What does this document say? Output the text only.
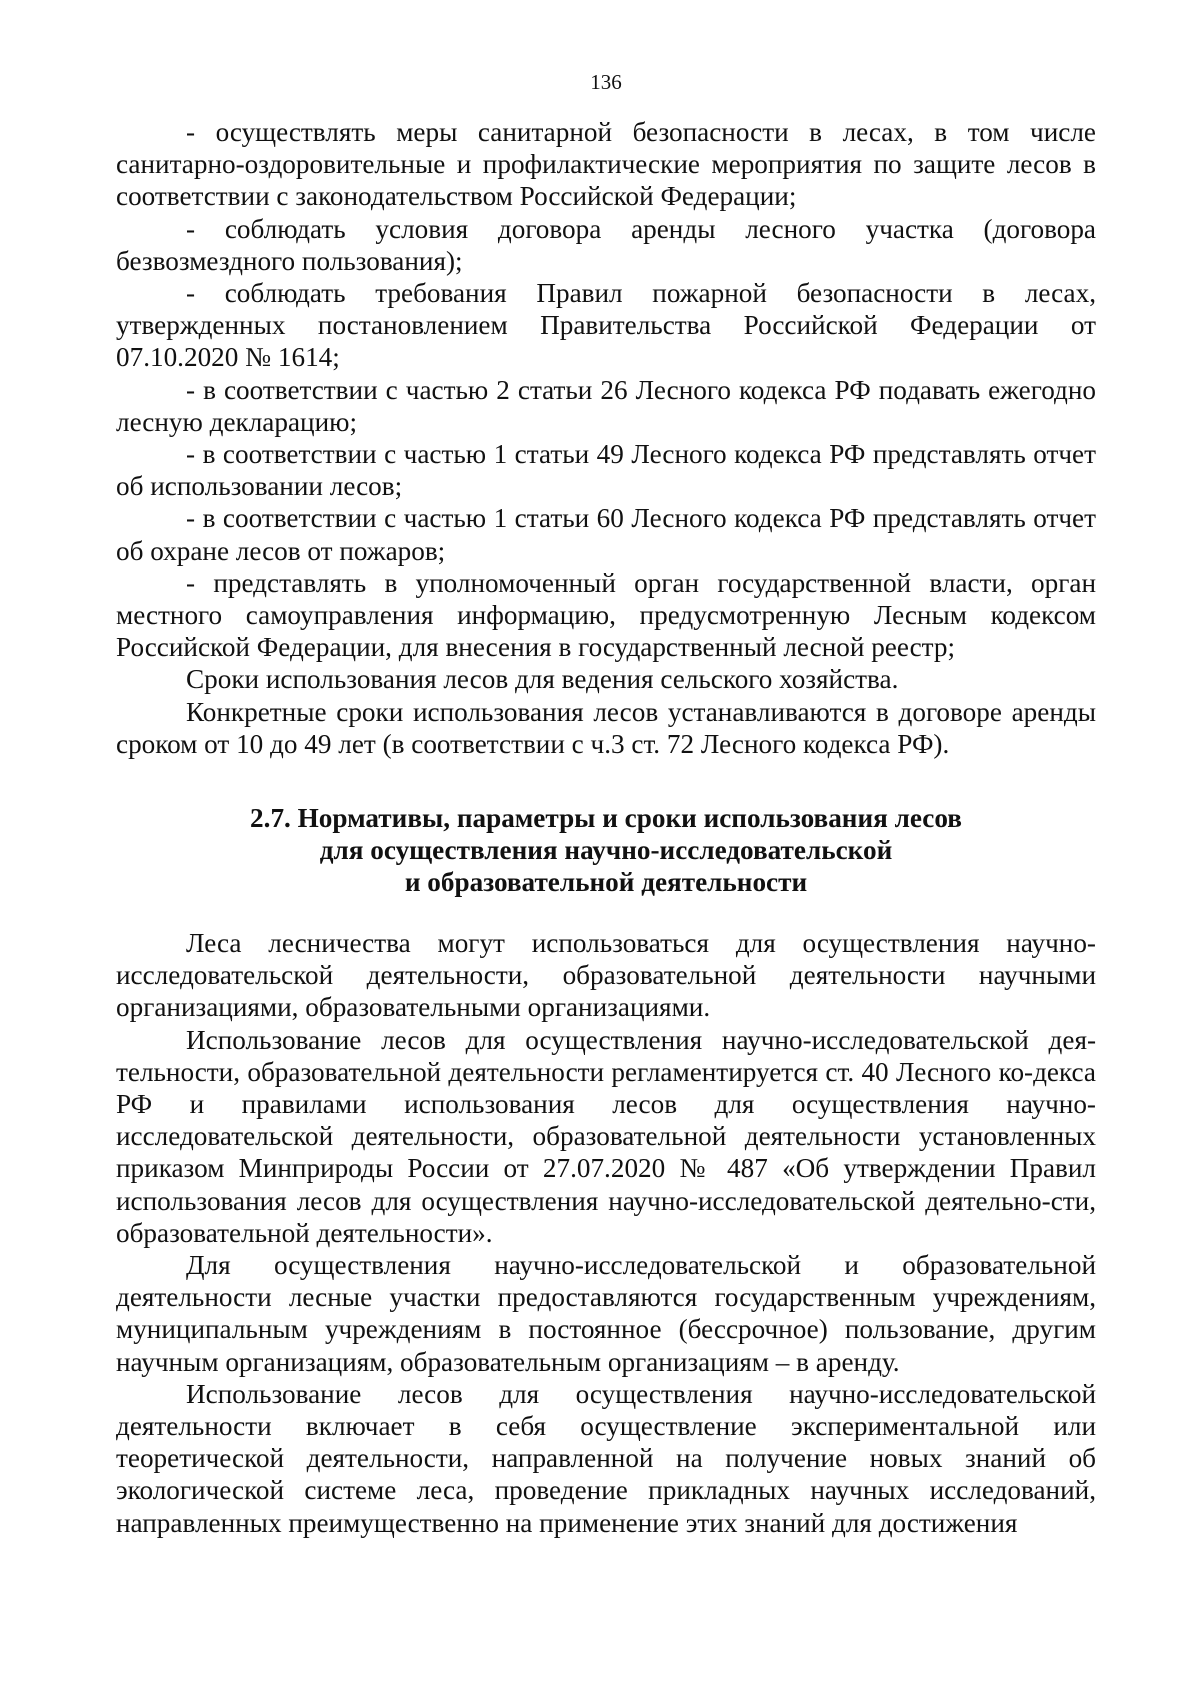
136

- осуществлять меры санитарной безопасности в лесах, в том числе санитарно-оздоровительные и профилактические мероприятия по защите лесов в соответствии с законодательством Российской Федерации;

- соблюдать условия договора аренды лесного участка (договора безвозмездного пользования);

- соблюдать требования Правил пожарной безопасности в лесах, утвержденных постановлением Правительства Российской Федерации от 07.10.2020 № 1614;

- в соответствии с частью 2 статьи 26 Лесного кодекса РФ подавать ежегодно лесную декларацию;

- в соответствии с частью 1 статьи 49 Лесного кодекса РФ представлять отчет об использовании лесов;

- в соответствии с частью 1 статьи 60 Лесного кодекса РФ представлять отчет об охране лесов от пожаров;

- представлять в уполномоченный орган государственной власти, орган местного самоуправления информацию, предусмотренную Лесным кодексом Российской Федерации, для внесения в государственный лесной реестр;

Сроки использования лесов для ведения сельского хозяйства.

Конкретные сроки использования лесов устанавливаются в договоре аренды сроком от 10 до 49 лет (в соответствии с ч.3 ст. 72 Лесного кодекса РФ).

2.7. Нормативы, параметры и сроки использования лесов
для осуществления научно-исследовательской
и образовательной деятельности

Леса лесничества могут использоваться для осуществления научно-исследовательской деятельности, образовательной деятельности научными организациями, образовательными организациями.

Использование лесов для осуществления научно-исследовательской дея-тельности, образовательной деятельности регламентируется ст. 40 Лесного ко-декса РФ и правилами использования лесов для осуществления научно-исследовательской деятельности, образовательной деятельности установленных приказом Минприроды России от 27.07.2020 № 487 «Об утверждении Правил использования лесов для осуществления научно-исследовательской деятельно-сти, образовательной деятельности».

Для осуществления научно-исследовательской и образовательной деятельности лесные участки предоставляются государственным учреждениям, муниципальным учреждениям в постоянное (бессрочное) пользование, другим научным организациям, образовательным организациям – в аренду.

Использование лесов для осуществления научно-исследовательской деятельности включает в себя осуществление экспериментальной или теоретической деятельности, направленной на получение новых знаний об экологической системе леса, проведение прикладных научных исследований, направленных преимущественно на применение этих знаний для достижения
